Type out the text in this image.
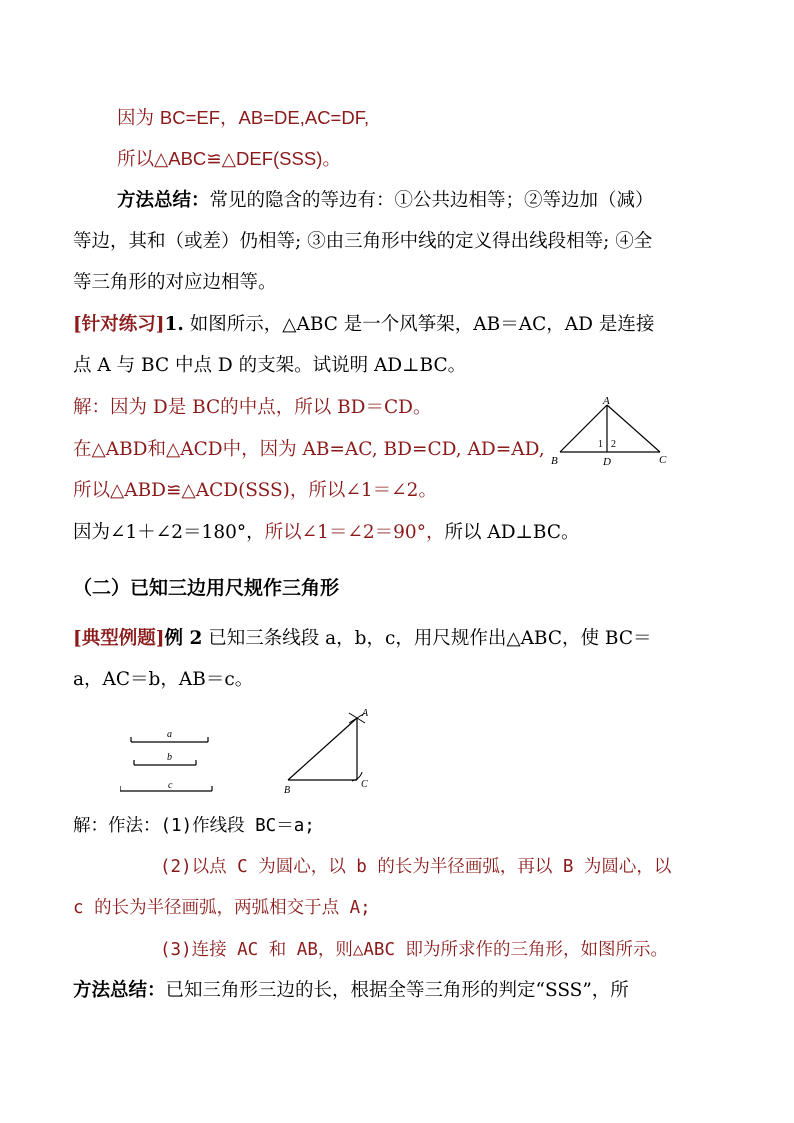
因为 BC=EF，AB=DE,AC=DF,
所以△ABC≌△DEF(SSS)。
方法总结：常见的隐含的等边有：①公共边相等；②等边加（减）
等边，其和（或差）仍相等; ③由三角形中线的定义得出线段相等; ④全
等三角形的对应边相等。
[针对练习]1. 如图所示，△ABC 是一个风筝架，AB＝AC，AD 是连接
点 A 与 BC 中点 D 的支架。试说明 AD⊥BC。
解：因为 D是 BC的中点，所以 BD＝CD。
在△ABD和△ACD中，因为 AB=AC, BD=CD, AD=AD,
所以△ABD≌△ACD(SSS)，所以∠1＝∠2。
因为∠1＋∠2＝180°，所以∠1＝∠2＝90°，所以 AD⊥BC。
A
B	D	C
1 2
（二）已知三边用尺规作三角形
[典型例题]例 2 已知三条线段 a，b，c，用尺规作出△ABC，使 BC＝
a，AC＝b，AB＝c。
a
b
c
A
B
C
解：作法：(1)作线段 BC＝a;
(2)以点 C 为圆心，以 b 的长为半径画弧，再以 B 为圆心，以
c 的长为半径画弧，两弧相交于点 A;
(3)连接 AC 和 AB，则△ABC 即为所求作的三角形，如图所示。
方法总结：已知三角形三边的长，根据全等三角形的判定“SSS”，所
